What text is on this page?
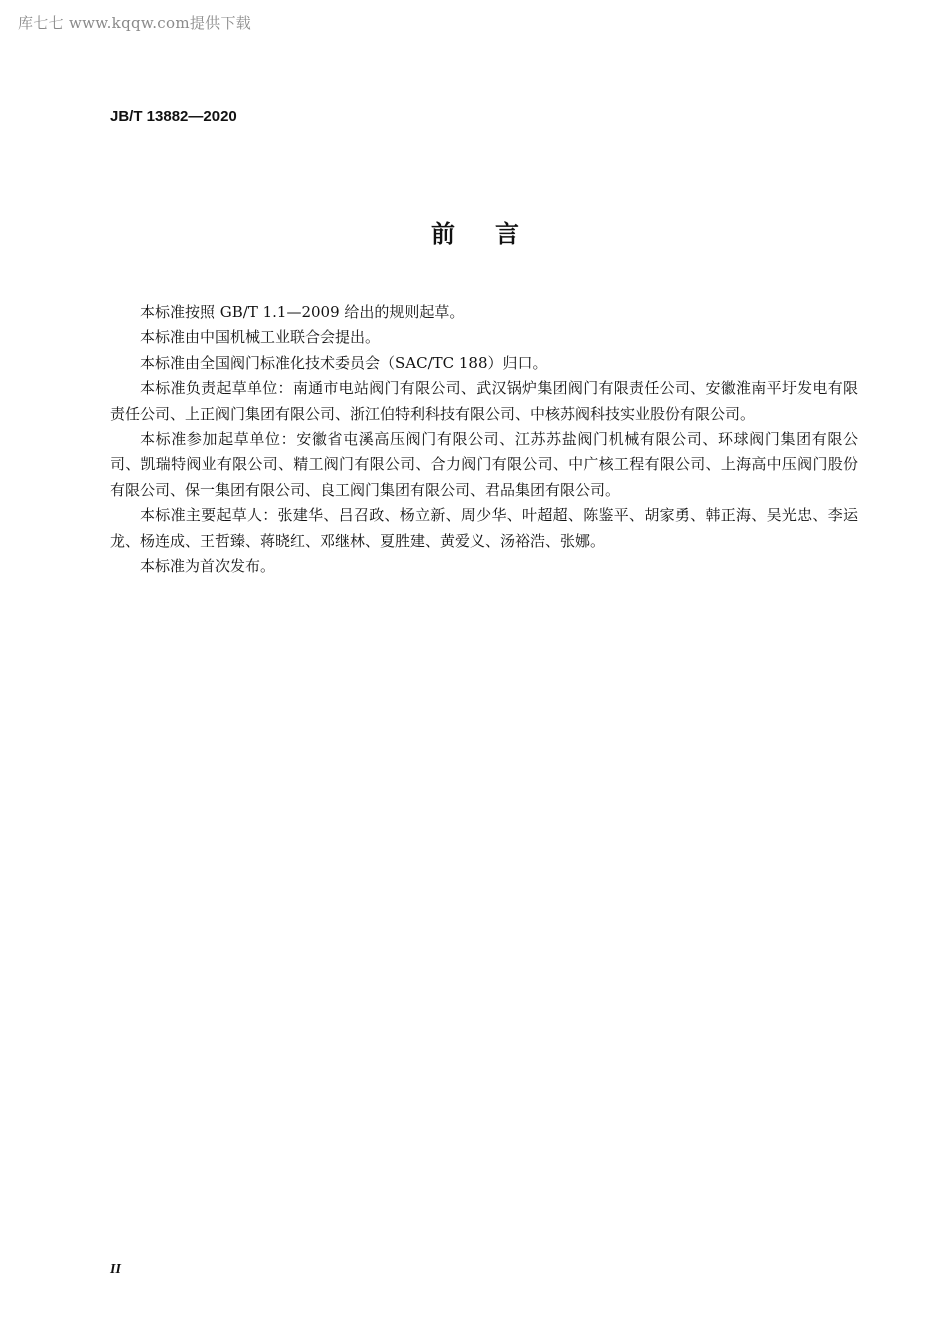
库七七 www.kqqw.com提供下载
JB/T 13882—2020
前言

本标准按照 GB/T 1.1—2009 给出的规则起草。

本标准由中国机械工业联合会提出。

本标准由全国阀门标准化技术委员会（SAC/TC 188）归口。

本标准负责起草单位：南通市电站阀门有限公司、武汉锅炉集团阀门有限责任公司、安徽淮南平圩发电有限责任公司、上正阀门集团有限公司、浙江伯特利科技有限公司、中核苏阀科技实业股份有限公司。

本标准参加起草单位：安徽省屯溪高压阀门有限公司、江苏苏盐阀门机械有限公司、环球阀门集团有限公司、凯瑞特阀业有限公司、精工阀门有限公司、合力阀门有限公司、中广核工程有限公司、上海高中压阀门股份有限公司、保一集团有限公司、良工阀门集团有限公司、君品集团有限公司。

本标准主要起草人：张建华、吕召政、杨立新、周少华、叶超超、陈鉴平、胡家勇、韩正海、吴光忠、李运龙、杨连成、王哲臻、蒋晓红、邓继林、夏胜建、黄爱义、汤裕浩、张娜。

本标准为首次发布。

II
